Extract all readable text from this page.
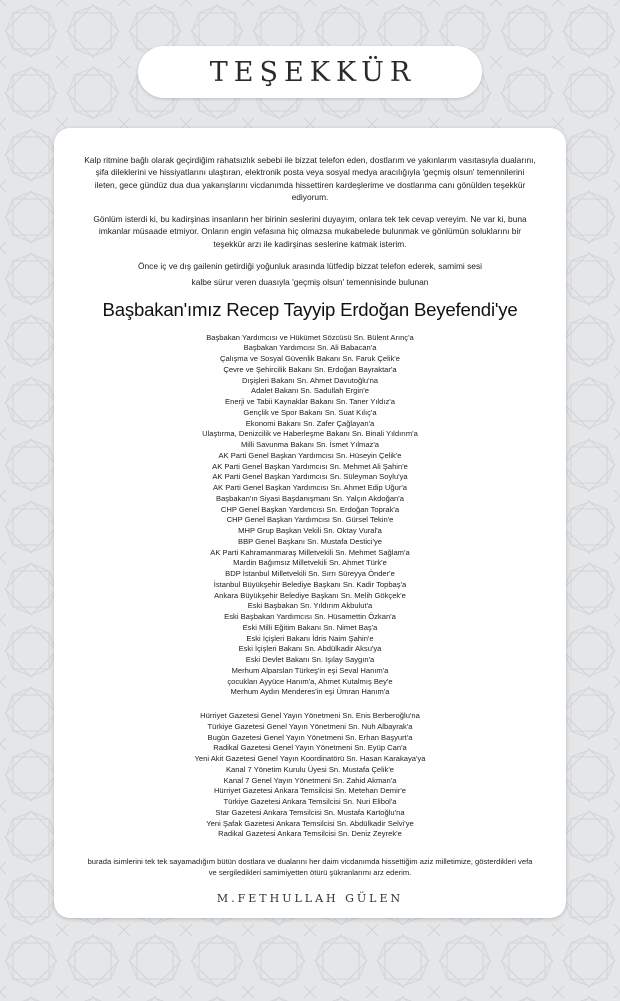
TEŞEKKÜR

Kalp ritmine bağlı olarak geçirdiğim rahatsızlık sebebi ile bizzat telefon eden, dostlarım ve yakınlarım vasıtasıyla dualarını, şifa dileklerini ve hissiyatlarını ulaştıran, elektronik posta veya sosyal medya aracılığıyla 'geçmiş olsun' temennilerini ileten, gece gündüz dua dua yakarışlarını vicdanımda hissettiren kardeşlerime ve dostlarıma canı gönülden teşekkür ediyorum.

Gönlüm isterdi ki, bu kadirşinas insanların her birinin seslerini duyayım, onlara tek tek cevap vereyim. Ne var ki, buna imkanlar müsaade etmiyor. Onların engin vefasına hiç olmazsa mukabelede bulunmak ve gönlümün soluklarını bir teşekkür arzı ile kadirşinas seslerine katmak isterim.

Önce iç ve dış gailenin getirdiği yoğunluk arasında lütfedip bizzat telefon ederek, samimi sesi

kalbe sürur veren duasıyla 'geçmiş olsun' temennisinde bulunan

Başbakan'ımız Recep Tayyip Erdoğan Beyefendi'ye
Başbakan Yardımcısı ve Hükümet Sözcüsü Sn. Bülent Arınç'a
Başbakan Yardımcısı Sn. Ali Babacan'a
Çalışma ve Sosyal Güvenlik Bakanı Sn. Faruk Çelik'e
Çevre ve Şehircilik Bakanı Sn. Erdoğan Bayraktar'a
Dışişleri Bakanı Sn. Ahmet Davutoğlu'na
Adalet Bakanı Sn. Sadullah Ergin'e
Enerji ve Tabii Kaynaklar Bakanı Sn. Taner Yıldız'a
Gençlik ve Spor Bakanı Sn. Suat Kılıç'a
Ekonomi Bakanı Sn. Zafer Çağlayan'a
Ulaştırma, Denizcilik ve Haberleşme Bakanı Sn. Binali Yıldırım'a
Milli Savunma Bakanı Sn. İsmet Yılmaz'a
AK Parti Genel Başkan Yardımcısı Sn. Hüseyin Çelik'e
AK Parti Genel Başkan Yardımcısı Sn. Mehmet Ali Şahin'e
AK Parti Genel Başkan Yardımcısı Sn. Süleyman Soylu'ya
AK Parti Genel Başkan Yardımcısı Sn. Ahmet Edip Uğur'a
Başbakan'ın Siyasi Başdanışmanı Sn. Yalçın Akdoğan'a
CHP Genel Başkan Yardımcısı Sn. Erdoğan Toprak'a
CHP Genel Başkan Yardımcısı Sn. Gürsel Tekin'e
MHP Grup Başkan Vekili Sn. Oktay Vural'a
BBP Genel Başkanı Sn. Mustafa Destici'ye
AK Parti Kahramanmaraş Milletvekili Sn. Mehmet Sağlam'a
Mardin Bağımsız Milletvekili Sn. Ahmet Türk'e
BDP İstanbul Milletvekili Sn. Sırrı Süreyya Önder'e
İstanbul Büyükşehir Belediye Başkanı Sn. Kadir Topbaş'a
Ankara Büyükşehir Belediye Başkanı Sn. Melih Gökçek'e
Eski Başbakan Sn. Yıldırım Akbulut'a
Eski Başbakan Yardımcısı Sn. Hüsamettin Özkan'a
Eski Milli Eğitim Bakanı Sn. Nimet Baş'a
Eski İçişleri Bakanı İdris Naim Şahin'e
Eski İçişleri Bakanı Sn. Abdülkadir Aksu'ya
Eski Devlet Bakanı Sn. Işılay Saygın'a
Merhum Alparslan Türkeş'in eşi Seval Hanım'a
çocukları Ayyüce Hanım'a, Ahmet Kutalmış Bey'e
Merhum Aydın Menderes'in eşi Ümran Hanım'a
Hürriyet Gazetesi Genel Yayın Yönetmeni Sn. Enis Berberoğlu'na
Türkiye Gazetesi Genel Yayın Yönetmeni Sn. Nuh Albayrak'a
Bugün Gazetesi Genel Yayın Yönetmeni Sn. Erhan Başyurt'a
Radikal Gazetesi Genel Yayın Yönetmeni Sn. Eyüp Can'a
Yeni Akit Gazetesi Genel Yayın Koordinatörü Sn. Hasan Karakaya'ya
Kanal 7 Yönetim Kurulu Üyesi Sn. Mustafa Çelik'e
Kanal 7 Genel Yayın Yönetmeni Sn. Zahid Akman'a
Hürriyet Gazetesi Ankara Temsilcisi Sn. Metehan Demir'e
Türkiye Gazetesi Ankara Temsilcisi Sn. Nuri Elibol'a
Star Gazetesi Ankara Temsilcisi Sn. Mustafa Kartoğlu'na
Yeni Şafak Gazetesi Ankara Temsilcisi Sn. Abdülkadir Selvi'ye
Radikal Gazetesi Ankara Temsilcisi Sn. Deniz Zeyrek'e

burada isimlerini tek tek sayamadığım bütün dostlara ve dualarını her daim vicdanımda hissettiğim aziz milletimize, gösterdikleri vefa ve sergiledikleri samimiyetten ötürü şükranlarımı arz ederim.

M.FETHULLAH GÜLEN
